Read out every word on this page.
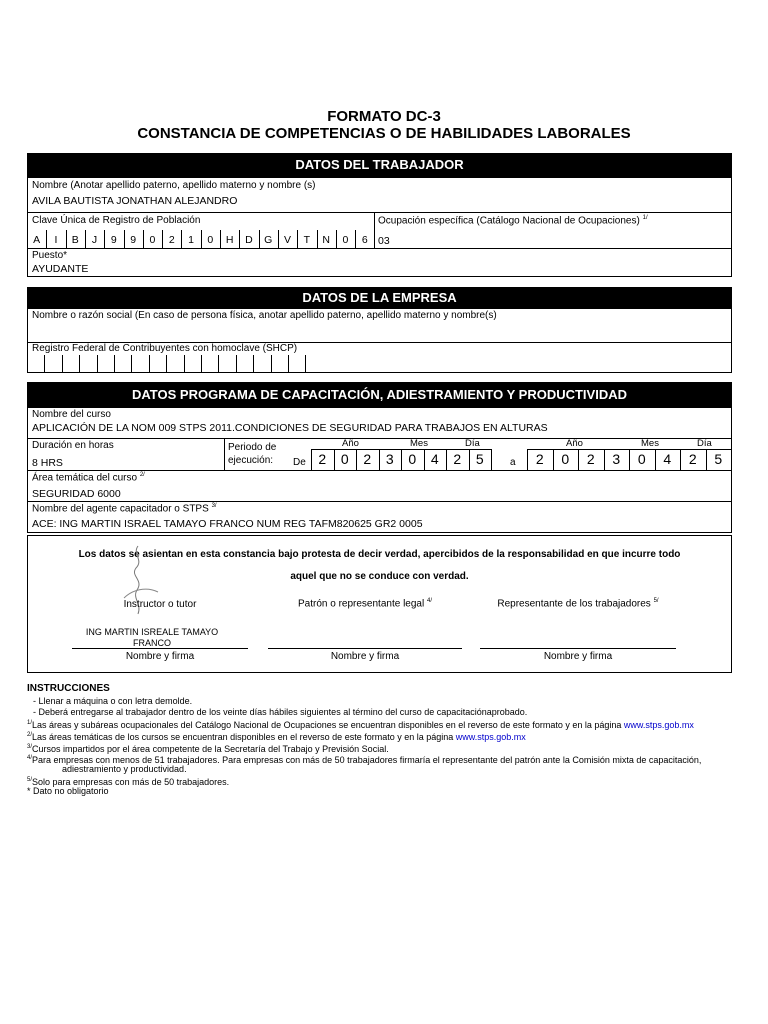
FORMATO DC-3
CONSTANCIA DE COMPETENCIAS O DE HABILIDADES LABORALES
DATOS DEL TRABAJADOR
Nombre (Anotar apellido paterno, apellido materno y nombre (s)
AVILA BAUTISTA JONATHAN ALEJANDRO
Clave Única de Registro de Población
A	I	B	J	9	9	0	2	1	0	H	D	G	V	T	N	0	6
Ocupación específica (Catálogo Nacional de Ocupaciones) $^{1/}$
03
Puesto*
AYUDANTE
DATOS DE LA EMPRESA
Nombre o razón social (En caso de persona física, anotar apellido paterno, apellido materno y nombre(s)
Registro Federal de Contribuyentes con homoclave (SHCP)
DATOS PROGRAMA DE CAPACITACIÓN, ADIESTRAMIENTO Y PRODUCTIVIDAD
Nombre del curso
APLICACIÓN DE LA NOM 009 STPS 2011.CONDICIONES DE SEGURIDAD PARA TRABAJOS EN ALTURAS
Duración en horas
8 HRS
Periodo de
ejecución: De	a
Año	Mes	Día	Año	Mes	Día
2	0	2	3	0	4	2	5	2	0	2	3	0	4	2	5
Área temática del curso $^{2/}$
SEGURIDAD 6000
Nombre del agente capacitador o STPS $^{3/}$
ACE: ING MARTIN ISRAEL TAMAYO FRANCO NUM REG TAFM820625 GR2 0005
Los datos se asientan en esta constancia bajo protesta de decir verdad, apercibidos de la responsabilidad en que incurre todo
aquel que no se conduce con verdad.
Instructor o tutor	Patrón o representante legal $^{4/}$	Representante de los trabajadores $^{5/}$
ING MARTIN ISREALE TAMAYO FRANCO
Nombre y firma	Nombre y firma	Nombre y firma
INSTRUCCIONES
- Llenar a máquina o con letra demolde.
- Deberá entregarse al trabajador dentro de los veinte días hábiles siguientes al término del curso de capacitaciónaprobado.
$^{1/}$Las áreas y subáreas ocupacionales del Catálogo Nacional de Ocupaciones se encuentran disponibles en el reverso de este formato y en la página www.stps.gob.mx
$^{2/}$Las áreas temáticas de los cursos se encuentran disponibles en el reverso de este formato y en la página www.stps.gob.mx
$^{3/}$Cursos impartidos por el área competente de la Secretaría del Trabajo y Previsión Social.
$^{4/}$Para empresas con menos de 51 trabajadores. Para empresas con más de 50 trabajadores firmaría el representante del patrón ante la Comisión mixta de capacitación,
adiestramiento y productividad.
$^{5/}$Solo para empresas con más de 50 trabajadores.
* Dato no obligatorio
